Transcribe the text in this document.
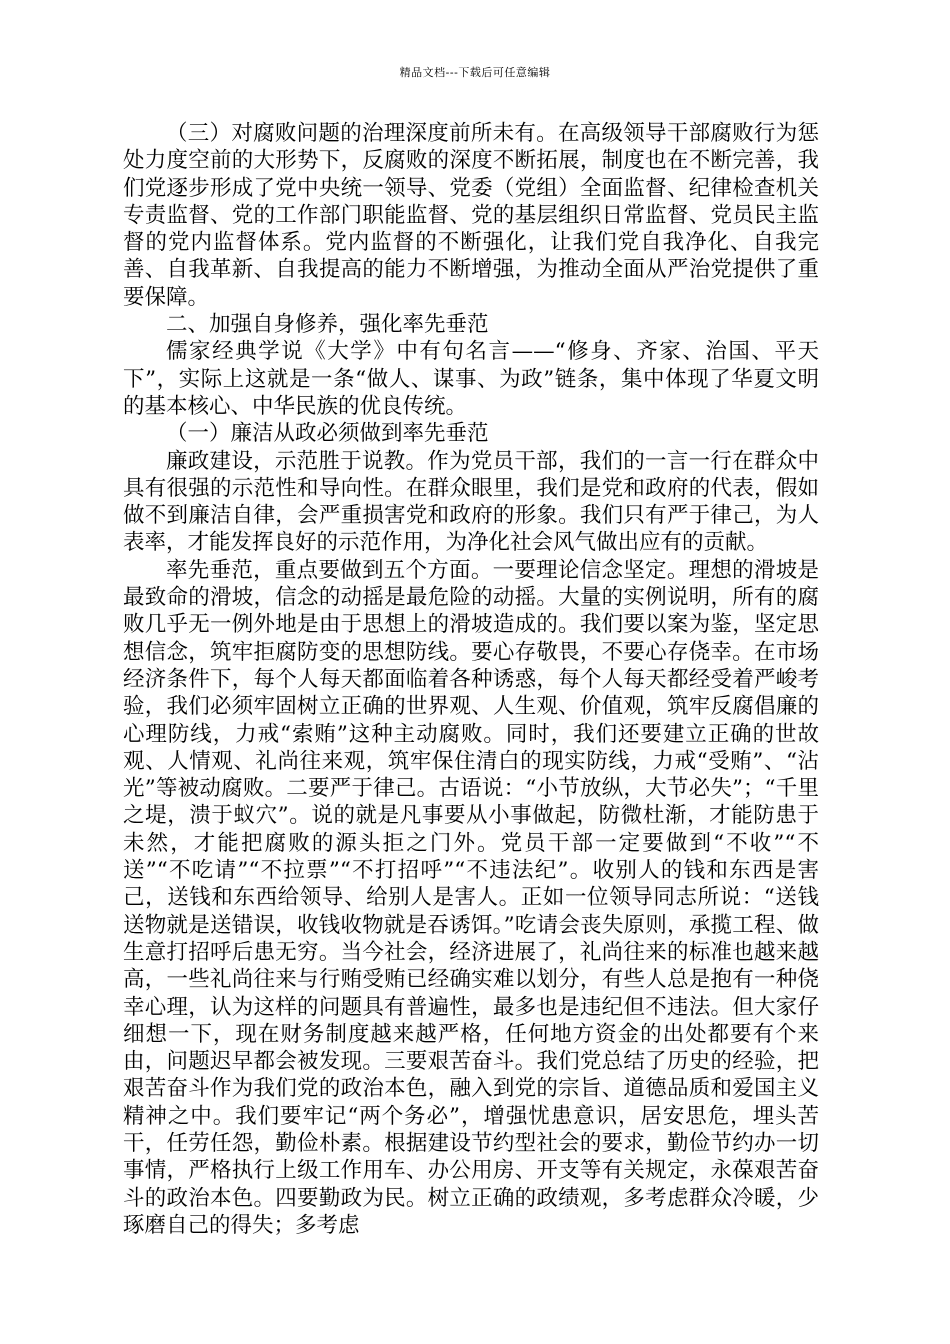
精品文档---下载后可任意编辑

（三）对腐败问题的治理深度前所未有。在高级领导干部腐败行为惩处力度空前的大形势下，反腐败的深度不断拓展，制度也在不断完善，我们党逐步形成了党中央统一领导、党委（党组）全面监督、纪律检查机关专责监督、党的工作部门职能监督、党的基层组织日常监督、党员民主监督的党内监督体系。党内监督的不断强化，让我们党自我净化、自我完善、自我革新、自我提高的能力不断增强，为推动全面从严治党提供了重要保障。

二、加强自身修养，强化率先垂范

儒家经典学说《大学》中有句名言——“修身、齐家、治国、平天下”，实际上这就是一条“做人、谋事、为政”链条，集中体现了华夏文明的基本核心、中华民族的优良传统。

（一）廉洁从政必须做到率先垂范

廉政建设，示范胜于说教。作为党员干部，我们的一言一行在群众中具有很强的示范性和导向性。在群众眼里，我们是党和政府的代表，假如做不到廉洁自律，会严重损害党和政府的形象。我们只有严于律己，为人表率，才能发挥良好的示范作用，为净化社会风气做出应有的贡献。

率先垂范，重点要做到五个方面。一要理论信念坚定。理想的滑坡是最致命的滑坡，信念的动摇是最危险的动摇。大量的实例说明，所有的腐败几乎无一例外地是由于思想上的滑坡造成的。我们要以案为鉴，坚定思想信念，筑牢拒腐防变的思想防线。要心存敬畏，不要心存侥幸。在市场经济条件下，每个人每天都面临着各种诱惑，每个人每天都经受着严峻考验，我们必须牢固树立正确的世界观、人生观、价值观，筑牢反腐倡廉的心理防线，力戒“索贿”这种主动腐败。同时，我们还要建立正确的世故观、人情观、礼尚往来观，筑牢保住清白的现实防线，力戒“受贿”、“沾光”等被动腐败。二要严于律己。古语说：“小节放纵，大节必失”；“千里之堤，溃于蚁穴”。说的就是凡事要从小事做起，防微杜渐，才能防患于未然，才能把腐败的源头拒之门外。党员干部一定要做到“不收”“不送”“不吃请”“不拉票”“不打招呼”“不违法纪”。收别人的钱和东西是害己，送钱和东西给领导、给别人是害人。正如一位领导同志所说：“送钱送物就是送错误，收钱收物就是吞诱饵。”吃请会丧失原则，承揽工程、做生意打招呼后患无穷。当今社会，经济进展了，礼尚往来的标准也越来越高，一些礼尚往来与行贿受贿已经确实难以划分，有些人总是抱有一种侥幸心理，认为这样的问题具有普遍性，最多也是违纪但不违法。但大家仔细想一下，现在财务制度越来越严格，任何地方资金的出处都要有个来由，问题迟早都会被发现。三要艰苦奋斗。我们党总结了历史的经验，把艰苦奋斗作为我们党的政治本色，融入到党的宗旨、道德品质和爱国主义精神之中。我们要牢记“两个务必”，增强忧患意识，居安思危，埋头苦干，任劳任怨，勤俭朴素。根据建设节约型社会的要求，勤俭节约办一切事情，严格执行上级工作用车、办公用房、开支等有关规定，永葆艰苦奋斗的政治本色。四要勤政为民。树立正确的政绩观，多考虑群众冷暖，少琢磨自己的得失；多考虑
